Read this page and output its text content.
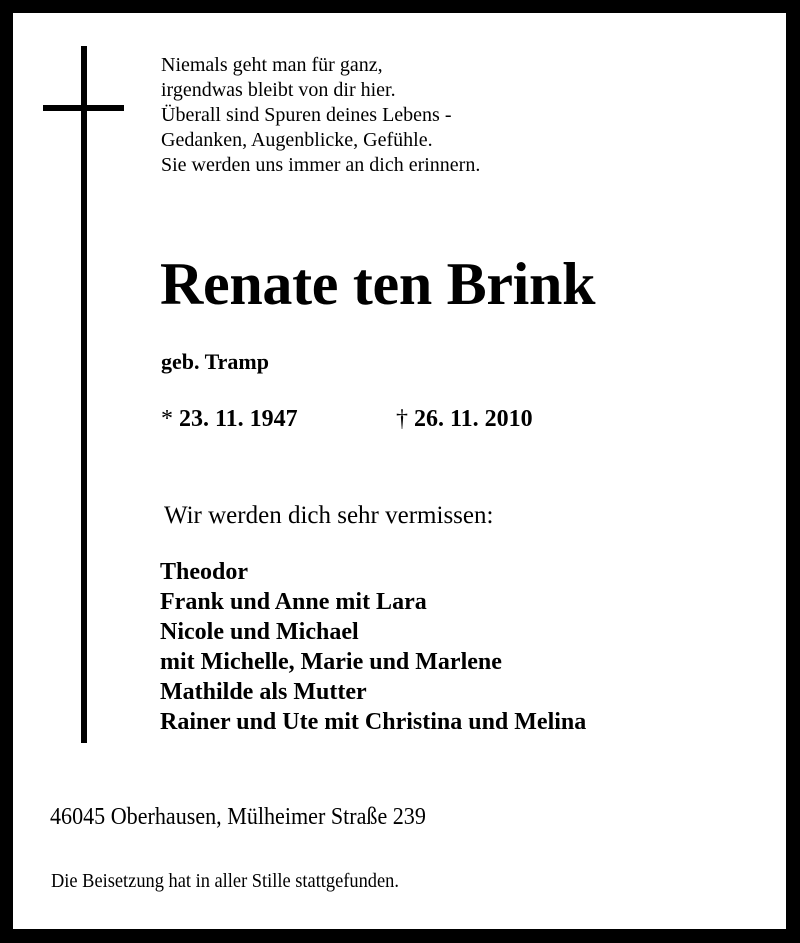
Niemals geht man für ganz,
irgendwas bleibt von dir hier.
Überall sind Spuren deines Lebens -
Gedanken, Augenblicke, Gefühle.
Sie werden uns immer an dich erinnern.
Renate ten Brink
geb. Tramp
* 23. 11. 1947	† 26. 11. 2010
Wir werden dich sehr vermissen:
Theodor
Frank und Anne mit Lara
Nicole und Michael
mit Michelle, Marie und Marlene
Mathilde als Mutter
Rainer und Ute mit Christina und Melina
46045 Oberhausen, Mülheimer Straße 239
Die Beisetzung hat in aller Stille stattgefunden.
